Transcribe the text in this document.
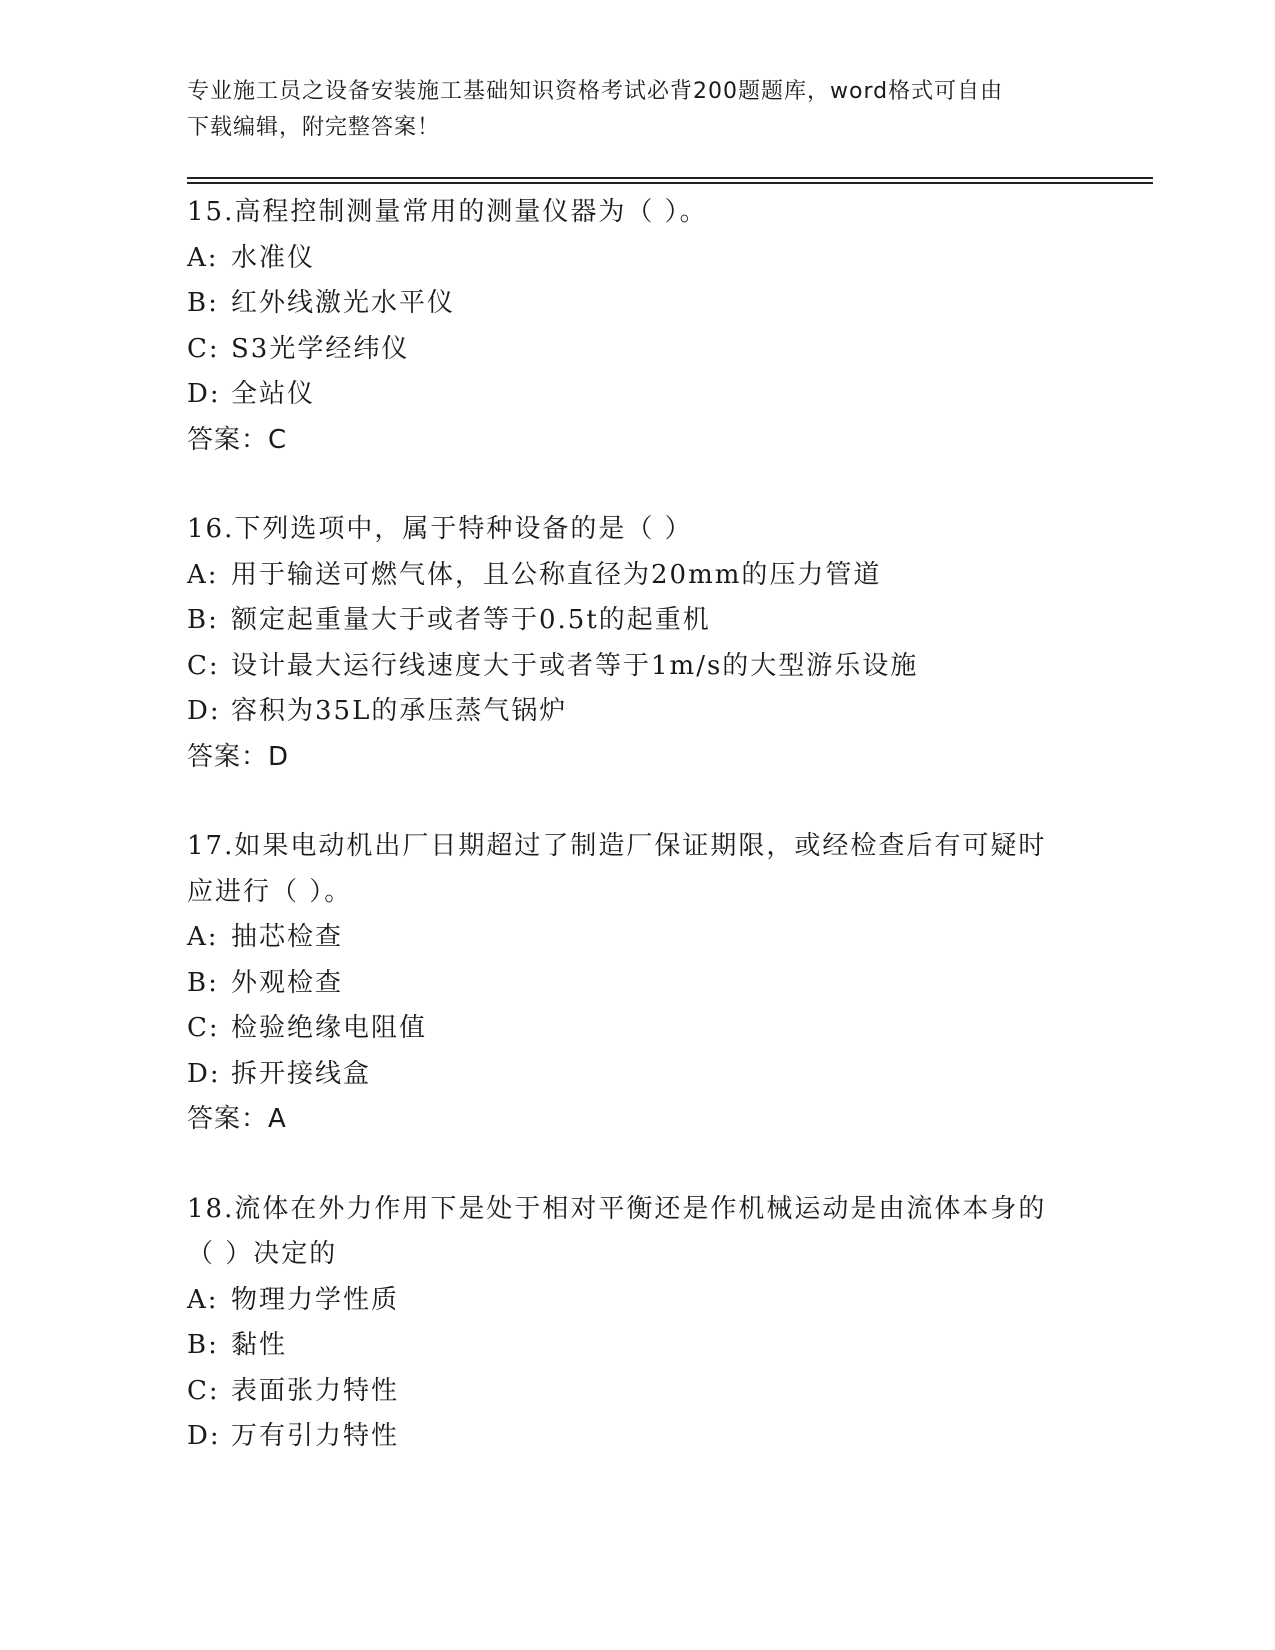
专业施工员之设备安装施工基础知识资格考试必背200题题库，word格式可自由
下载编辑，附完整答案！
15.高程控制测量常用的测量仪器为（ ）。
A: 水准仪
B: 红外线激光水平仪
C: S3光学经纬仪
D: 全站仪
答案：C
16.下列选项中，属于特种设备的是（ ）
A: 用于输送可燃气体，且公称直径为20mm的压力管道
B: 额定起重量大于或者等于0.5t的起重机
C: 设计最大运行线速度大于或者等于1m/s的大型游乐设施
D: 容积为35L的承压蒸气锅炉
答案：D
17.如果电动机出厂日期超过了制造厂保证期限，或经检查后有可疑时
应进行（ ）。
A: 抽芯检查
B: 外观检查
C: 检验绝缘电阻值
D: 拆开接线盒
答案：A
18.流体在外力作用下是处于相对平衡还是作机械运动是由流体本身的
（ ）决定的
A: 物理力学性质
B: 黏性
C: 表面张力特性
D: 万有引力特性
